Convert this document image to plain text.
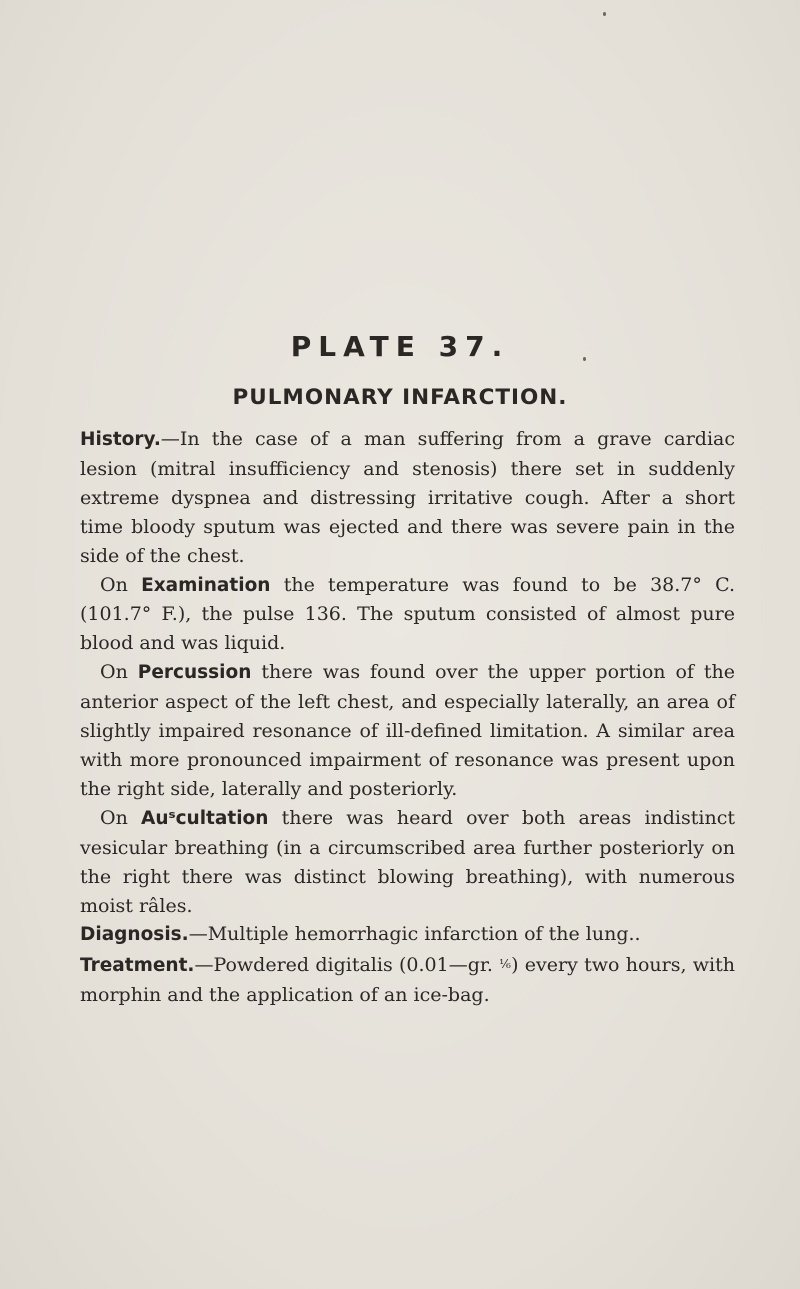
PLATE 37.
PULMONARY INFARCTION.

History.—In the case of a man suffering from a grave cardiac lesion (mitral insufficiency and stenosis) there set in suddenly extreme dyspnea and distressing irritative cough. After a short time bloody sputum was ejected and there was severe pain in the side of the chest.

On Examination the temperature was found to be 38.7° C. (101.7° F.), the pulse 136. The sputum consisted of almost pure blood and was liquid.

On Percussion there was found over the upper portion of the anterior aspect of the left chest, and especially laterally, an area of slightly impaired resonance of ill-defined limitation. A similar area with more pronounced impairment of resonance was present upon the right side, laterally and posteriorly.

On Auˢcultation there was heard over both areas indistinct vesicular breathing (in a circumscribed area further posteriorly on the right there was distinct blowing breathing), with numerous moist râles.

Diagnosis.—Multiple hemorrhagic infarction of the lung..

Treatment.—Powdered digitalis (0.01—gr. ⅙) every two hours, with morphin and the application of an ice-bag.
